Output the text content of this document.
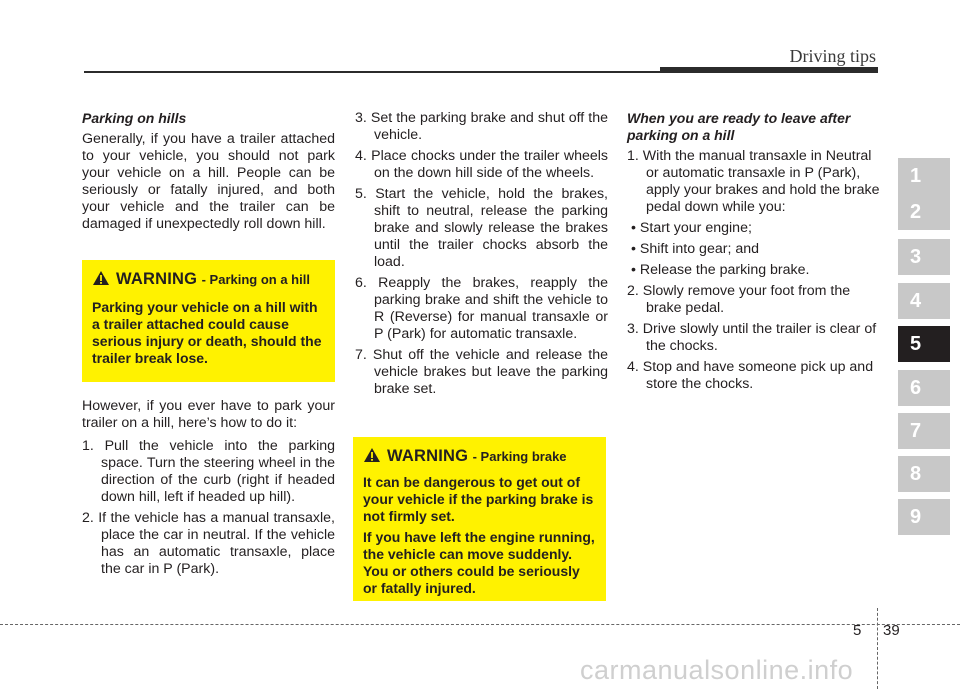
Driving tips
1
2
3
4
5
6
7
8
9
Parking on hills

Generally, if you have a trailer attached to your vehicle, you should not park your vehicle on a hill. People can be seriously or fatally injured, and both your vehicle and the trailer can be damaged if unexpectedly roll down hill.

WARNING - Parking on a hill
Parking your vehicle on a hill with a trailer attached could cause serious injury or death, should the trailer break lose.

However, if you ever have to park your trailer on a hill, here’s how to do it:

1. Pull the vehicle into the parking space. Turn the steering wheel in the direction of the curb (right if headed down hill, left if headed up hill).
2. If the vehicle has a manual transaxle, place the car in neutral. If the vehicle has an automatic transaxle, place the car in P (Park).
3. Set the parking brake and shut off the vehicle.
4. Place chocks under the trailer wheels on the down hill side of the wheels.
5. Start the vehicle, hold the brakes, shift to neutral, release the parking brake and slowly release the brakes until the trailer chocks absorb the load.
6. Reapply the brakes, reapply the parking brake and shift the vehicle to R (Reverse) for manual transaxle or P (Park) for automatic transaxle.
7. Shut off the vehicle and release the vehicle brakes but leave the parking brake set.
WARNING - Parking brake
It can be dangerous to get out of your vehicle if the parking brake is not firmly set.
If you have left the engine running, the vehicle can move suddenly. You or others could be seriously or fatally injured.
When you are ready to leave after parking on a hill
1. With the manual transaxle in Neutral or automatic transaxle in P (Park), apply your brakes and hold the brake pedal down while you:
• Start your engine;
• Shift into gear; and
• Release the parking brake.
2. Slowly remove your foot from the brake pedal.
3. Drive slowly until the trailer is clear of the chocks.
4. Stop and have someone pick up and store the chocks.
5 39
carmanualsonline.info
